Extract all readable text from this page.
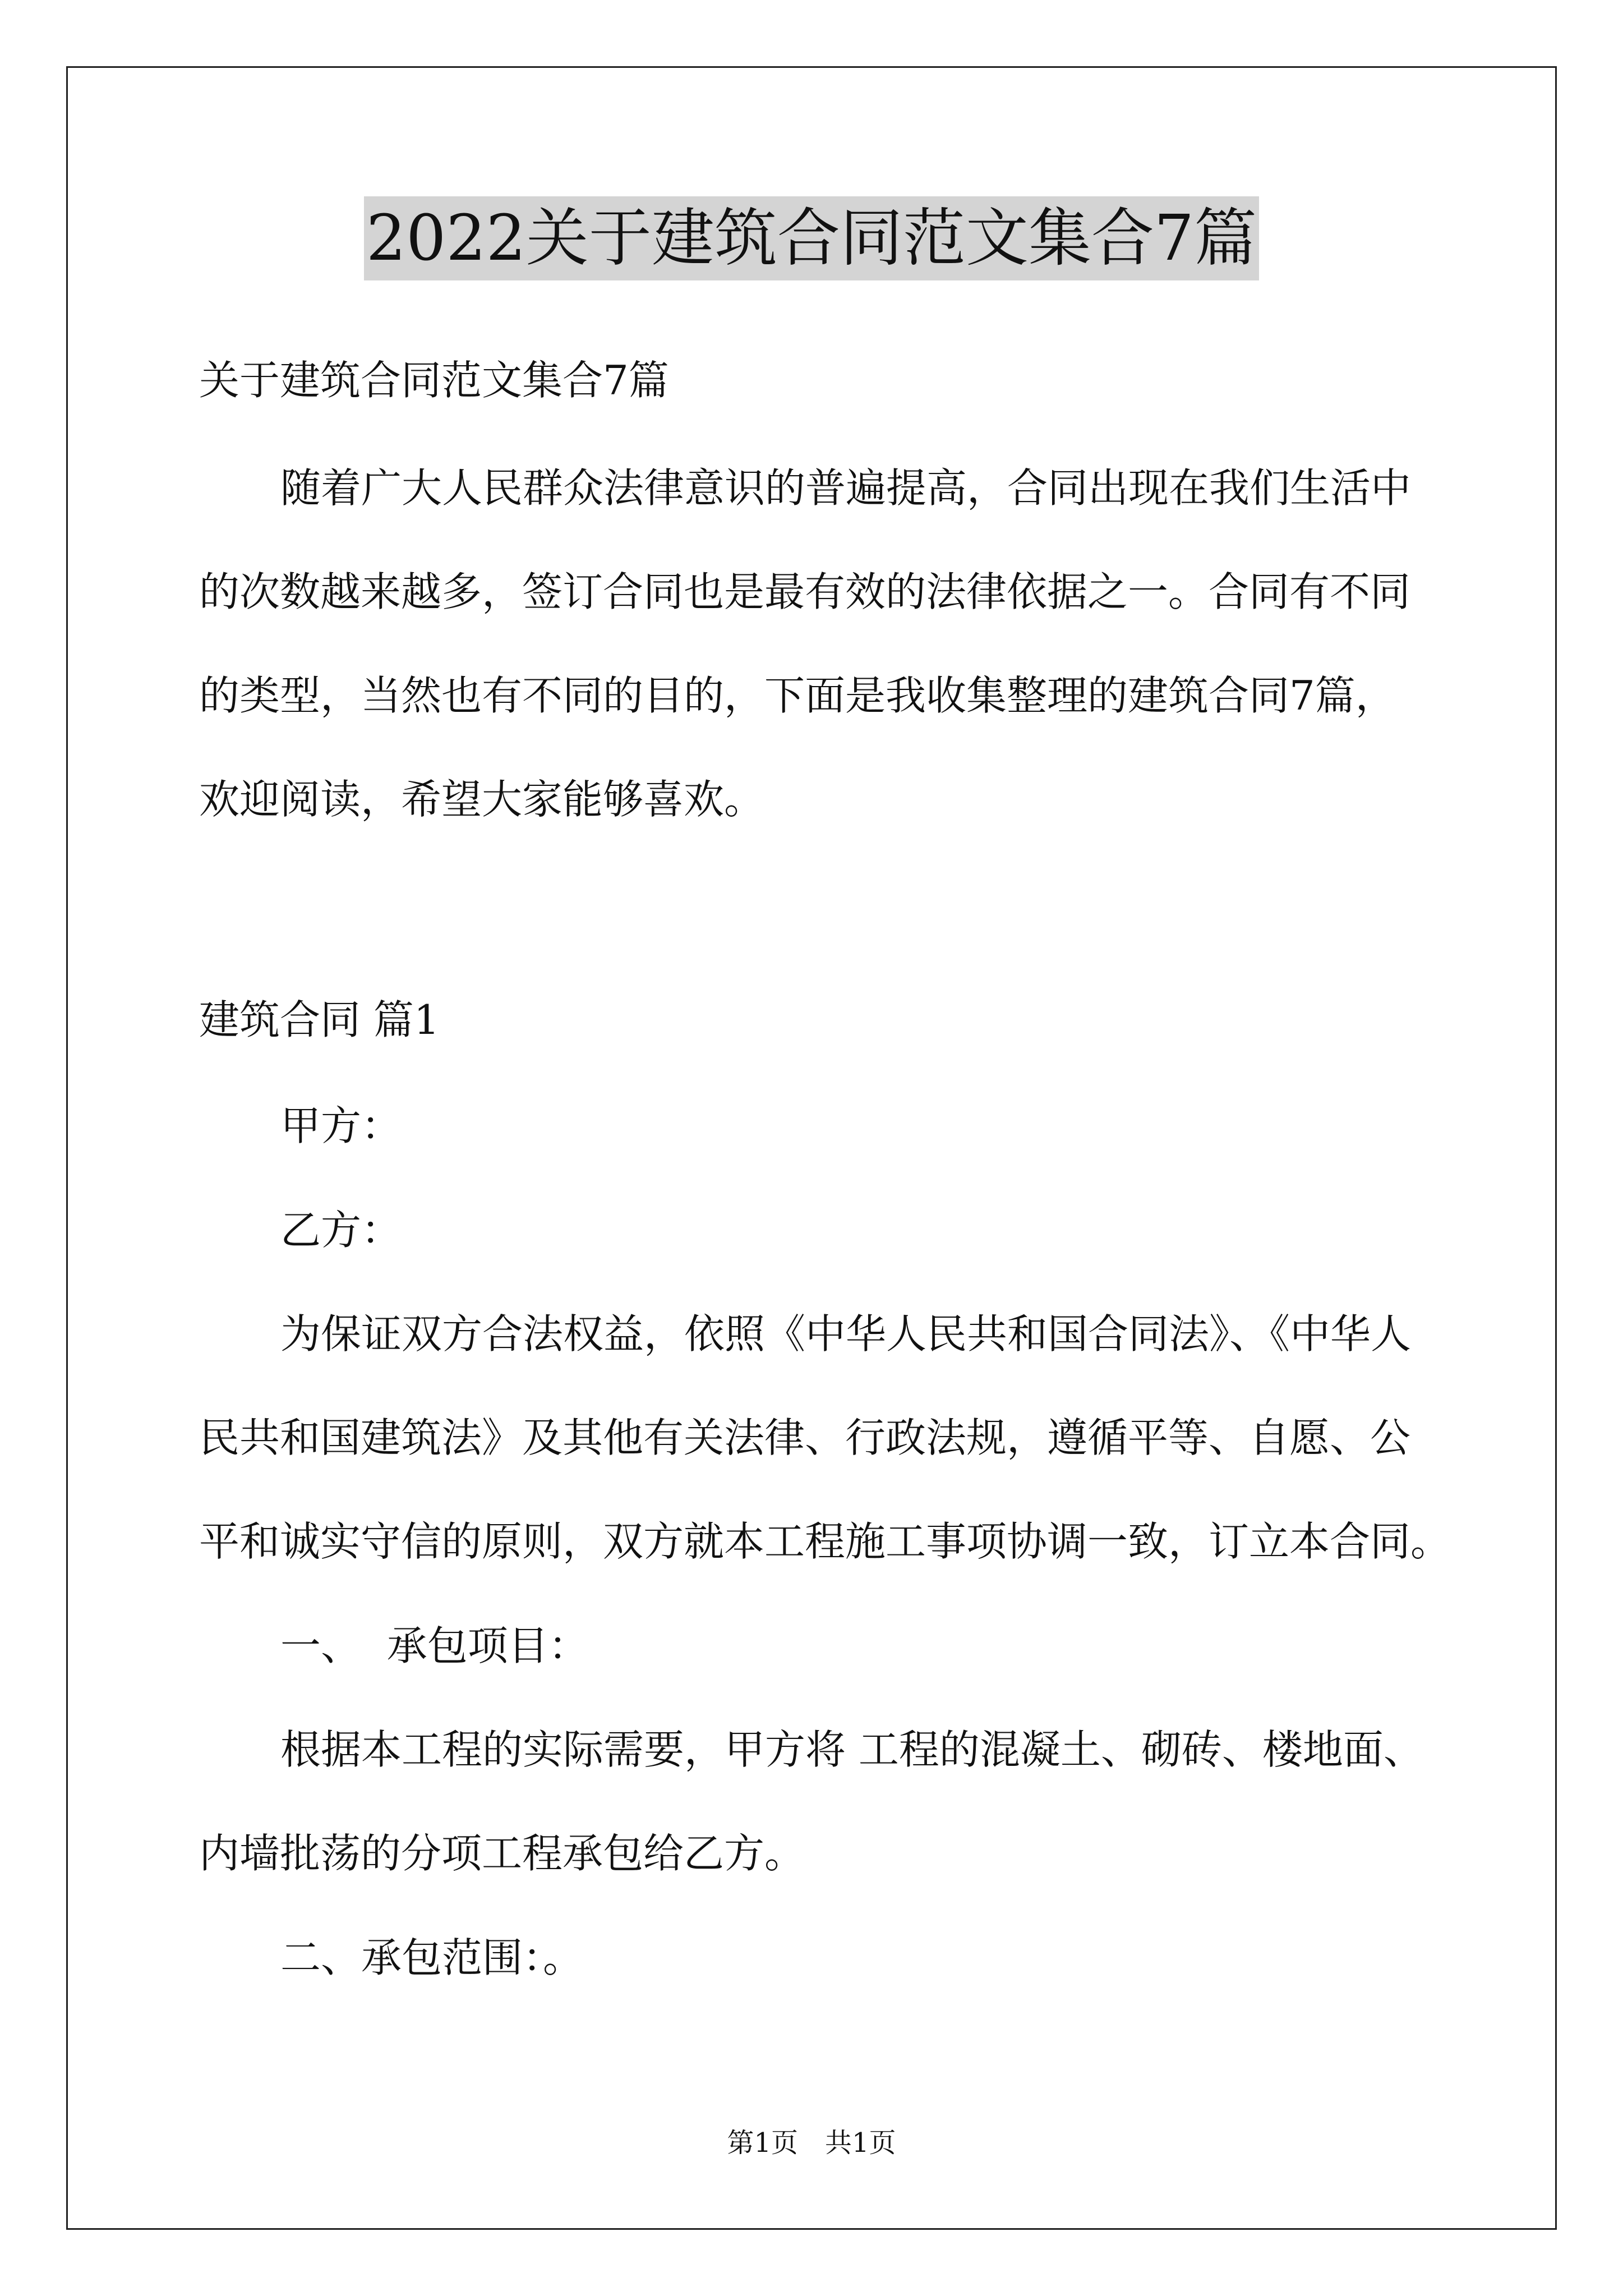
2022关于建筑合同范文集合7篇
关于建筑合同范文集合7篇
随着广大人民群众法律意识的普遍提高，合同出现在我们生活中
的次数越来越多，签订合同也是最有效的法律依据之一。合同有不同
的类型，当然也有不同的目的，下面是我收集整理的建筑合同7篇，
欢迎阅读，希望大家能够喜欢。
建筑合同 篇1
甲方：
乙方：
为保证双方合法权益，依照《中华人民共和国合同法》、《中华人
民共和国建筑法》及其他有关法律、行政法规，遵循平等、自愿、公
平和诚实守信的原则，双方就本工程施工事项协调一致，订立本合同。
一、  承包项目：
根据本工程的实际需要，甲方将 工程的混凝土、砌砖、楼地面、
内墙批荡的分项工程承包给乙方。
二、承包范围：。
第1页 共1页
